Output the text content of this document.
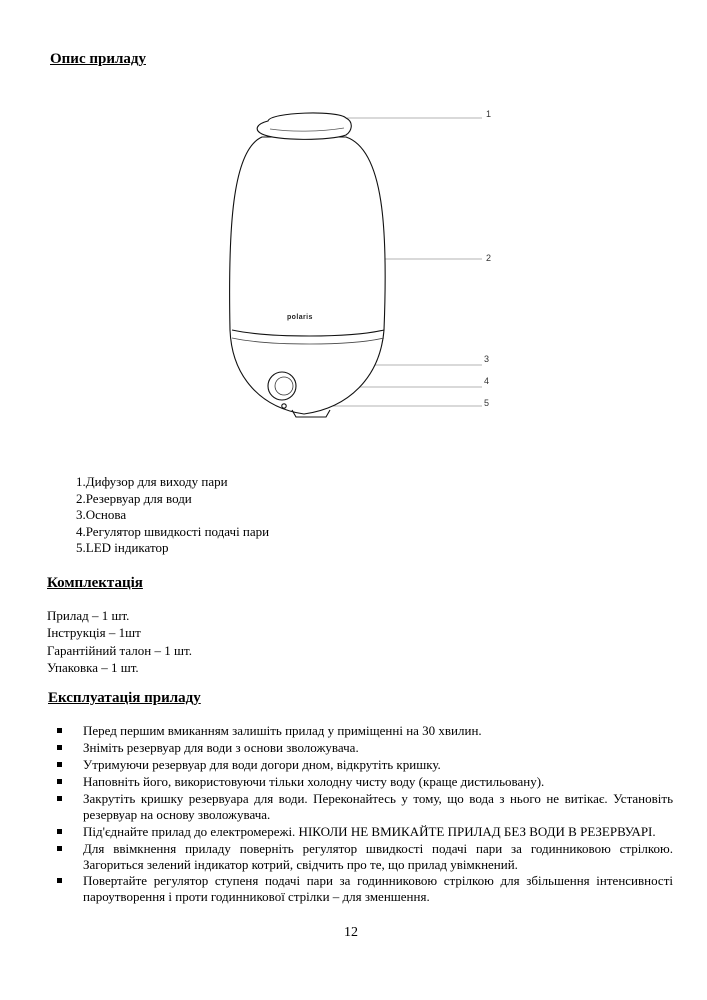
Опис приладу
polaris
1
2
3
4
5
1.Дифузор для виходу пари
2.Резервуар для води
3.Основа
4.Регулятор швидкості подачі пари
5.LED індикатор
Комплектація
Прилад – 1 шт.
Інструкція – 1шт
Гарантійний талон – 1 шт.
Упаковка – 1 шт.
Експлуатація приладу
Перед першим вмиканням залишіть прилад у приміщенні на 30 хвилин.
Зніміть резервуар для води з основи зволожувача.
Утримуючи резервуар для води догори дном, відкрутіть кришку.
Наповніть його, використовуючи тільки холодну чисту воду (краще дистильовану).
Закрутіть кришку резервуара для води. Переконайтесь у тому, що вода з нього не витікає. Установіть резервуар на основу зволожувача.
Під'єднайте прилад до електромережі. НІКОЛИ НЕ ВМИКАЙТЕ ПРИЛАД БЕЗ ВОДИ В РЕЗЕРВУАРІ.
Для ввімкнення приладу поверніть регулятор швидкості подачі пари за годинниковою стрілкою. Загориться зелений індикатор котрий, свідчить про те, що прилад увімкнений.
Повертайте регулятор ступеня подачі пари за годинниковою стрілкою для збільшення інтенсивності пароутворення і проти годинникової стрілки – для зменшення.
12
